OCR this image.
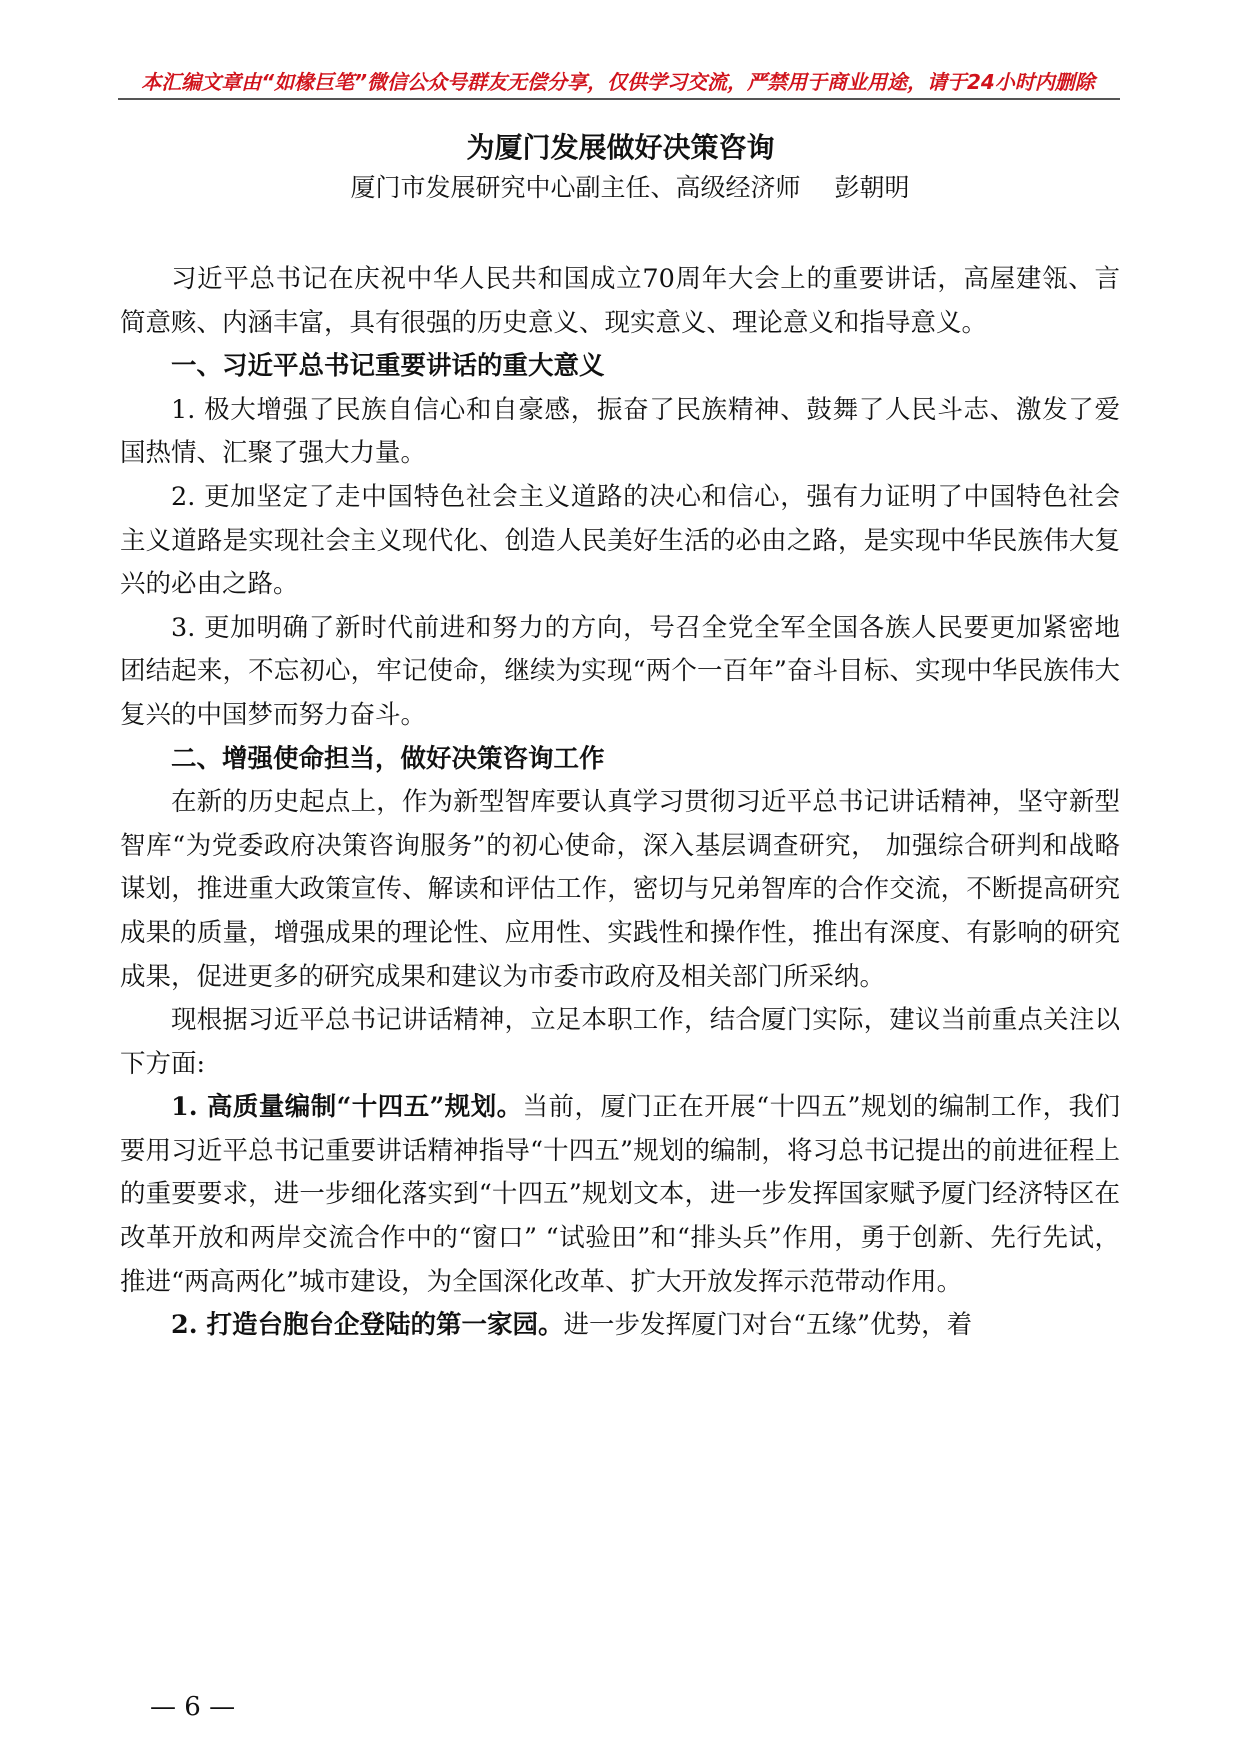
本汇编文章由“如椽巨笔”微信公众号群友无偿分享，仅供学习交流，严禁用于商业用途，请于24小时内删除
为厦门发展做好决策咨询
厦门市发展研究中心副主任、高级经济师 彭朝明

习近平总书记在庆祝中华人民共和国成立70周年大会上的重要讲话，高屋建瓴、言简意赅、内涵丰富，具有很强的历史意义、现实意义、理论意义和指导意义。

一、习近平总书记重要讲话的重大意义

1. 极大增强了民族自信心和自豪感，振奋了民族精神、鼓舞了人民斗志、激发了爱国热情、汇聚了强大力量。

2. 更加坚定了走中国特色社会主义道路的决心和信心，强有力证明了中国特色社会主义道路是实现社会主义现代化、创造人民美好生活的必由之路，是实现中华民族伟大复兴的必由之路。

3. 更加明确了新时代前进和努力的方向，号召全党全军全国各族人民要更加紧密地团结起来，不忘初心，牢记使命，继续为实现“两个一百年”奋斗目标、实现中华民族伟大复兴的中国梦而努力奋斗。

二、增强使命担当，做好决策咨询工作

在新的历史起点上，作为新型智库要认真学习贯彻习近平总书记讲话精神，坚守新型智库“为党委政府决策咨询服务”的初心使命，深入基层调查研究， 加强综合研判和战略谋划，推进重大政策宣传、解读和评估工作，密切与兄弟智库的合作交流，不断提高研究成果的质量，增强成果的理论性、应用性、实践性和操作性，推出有深度、有影响的研究成果，促进更多的研究成果和建议为市委市政府及相关部门所采纳。

现根据习近平总书记讲话精神，立足本职工作，结合厦门实际，建议当前重点关注以下方面:

1. 高质量编制“十四五”规划。当前，厦门正在开展“十四五”规划的编制工作，我们要用习近平总书记重要讲话精神指导“十四五”规划的编制，将习总书记提出的前进征程上的重要要求，进一步细化落实到“十四五”规划文本，进一步发挥国家赋予厦门经济特区在改革开放和两岸交流合作中的“窗口” “试验田”和“排头兵”作用，勇于创新、先行先试，推进“两高两化”城市建设，为全国深化改革、扩大开放发挥示范带动作用。

2. 打造台胞台企登陆的第一家园。进一步发挥厦门对台“五缘”优势，着

— 6 —
